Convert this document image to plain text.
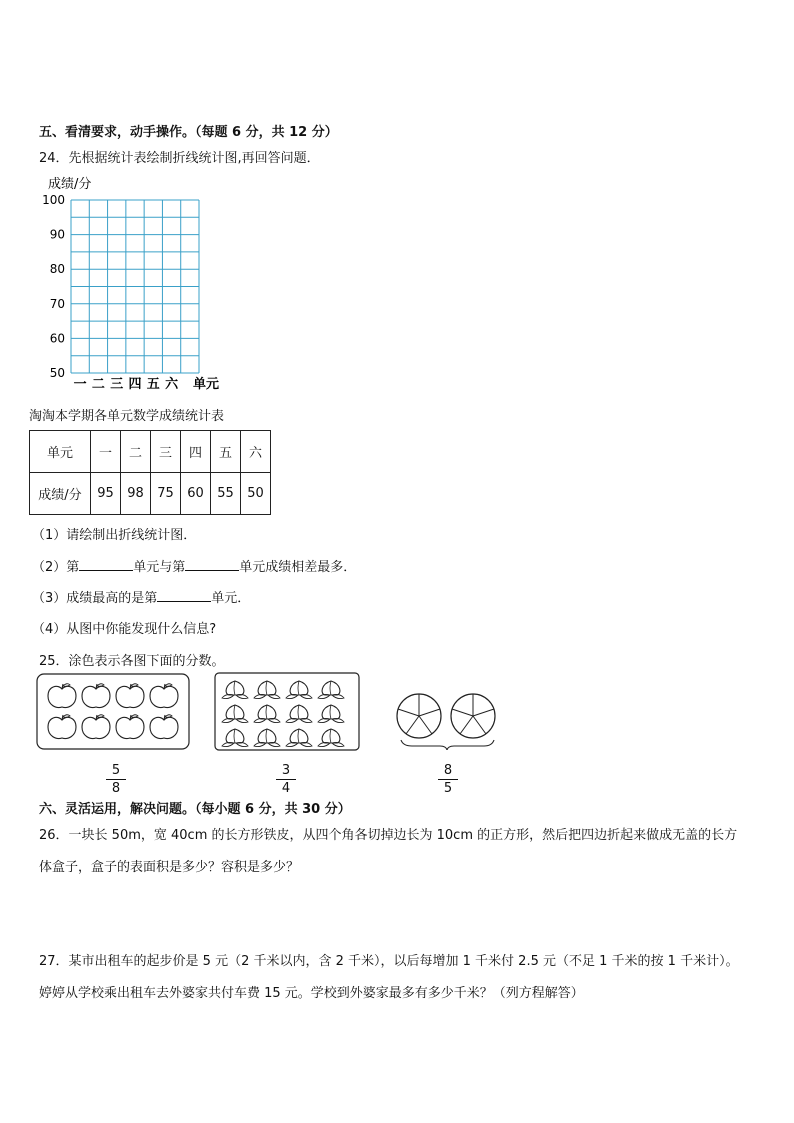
五、看清要求，动手操作。（每题 6 分，共 12 分）
24．先根据统计表绘制折线统计图,再回答问题．
成绩/分
50
60
70
80
90
100
一 二 三 四 五 六 单元
淘淘本学期各单元数学成绩统计表
单元	一	二	三	四	五	六
成绩/分	95	98	75	60	55	50
（1）请绘制出折线统计图．
（2）第	单元与第	单元成绩相差最多．
（3）成绩最高的是第	单元．
（4）从图中你能发现什么信息?
25．涂色表示各图下面的分数。
5
8
3
4
8
5
六、灵活运用，解决问题。（每小题 6 分，共 30 分）
26．一块长 50m，宽 40cm 的长方形铁皮，从四个角各切掉边长为 10cm 的正方形，然后把四边折起来做成无盖的长方
体盒子，盒子的表面积是多少？容积是多少？
27．某市出租车的起步价是 5 元（2 千米以内，含 2 千米），以后每增加 1 千米付 2.5 元（不足 1 千米的按 1 千米计）。
婷婷从学校乘出租车去外婆家共付车费 15 元。学校到外婆家最多有多少千米？（列方程解答）
